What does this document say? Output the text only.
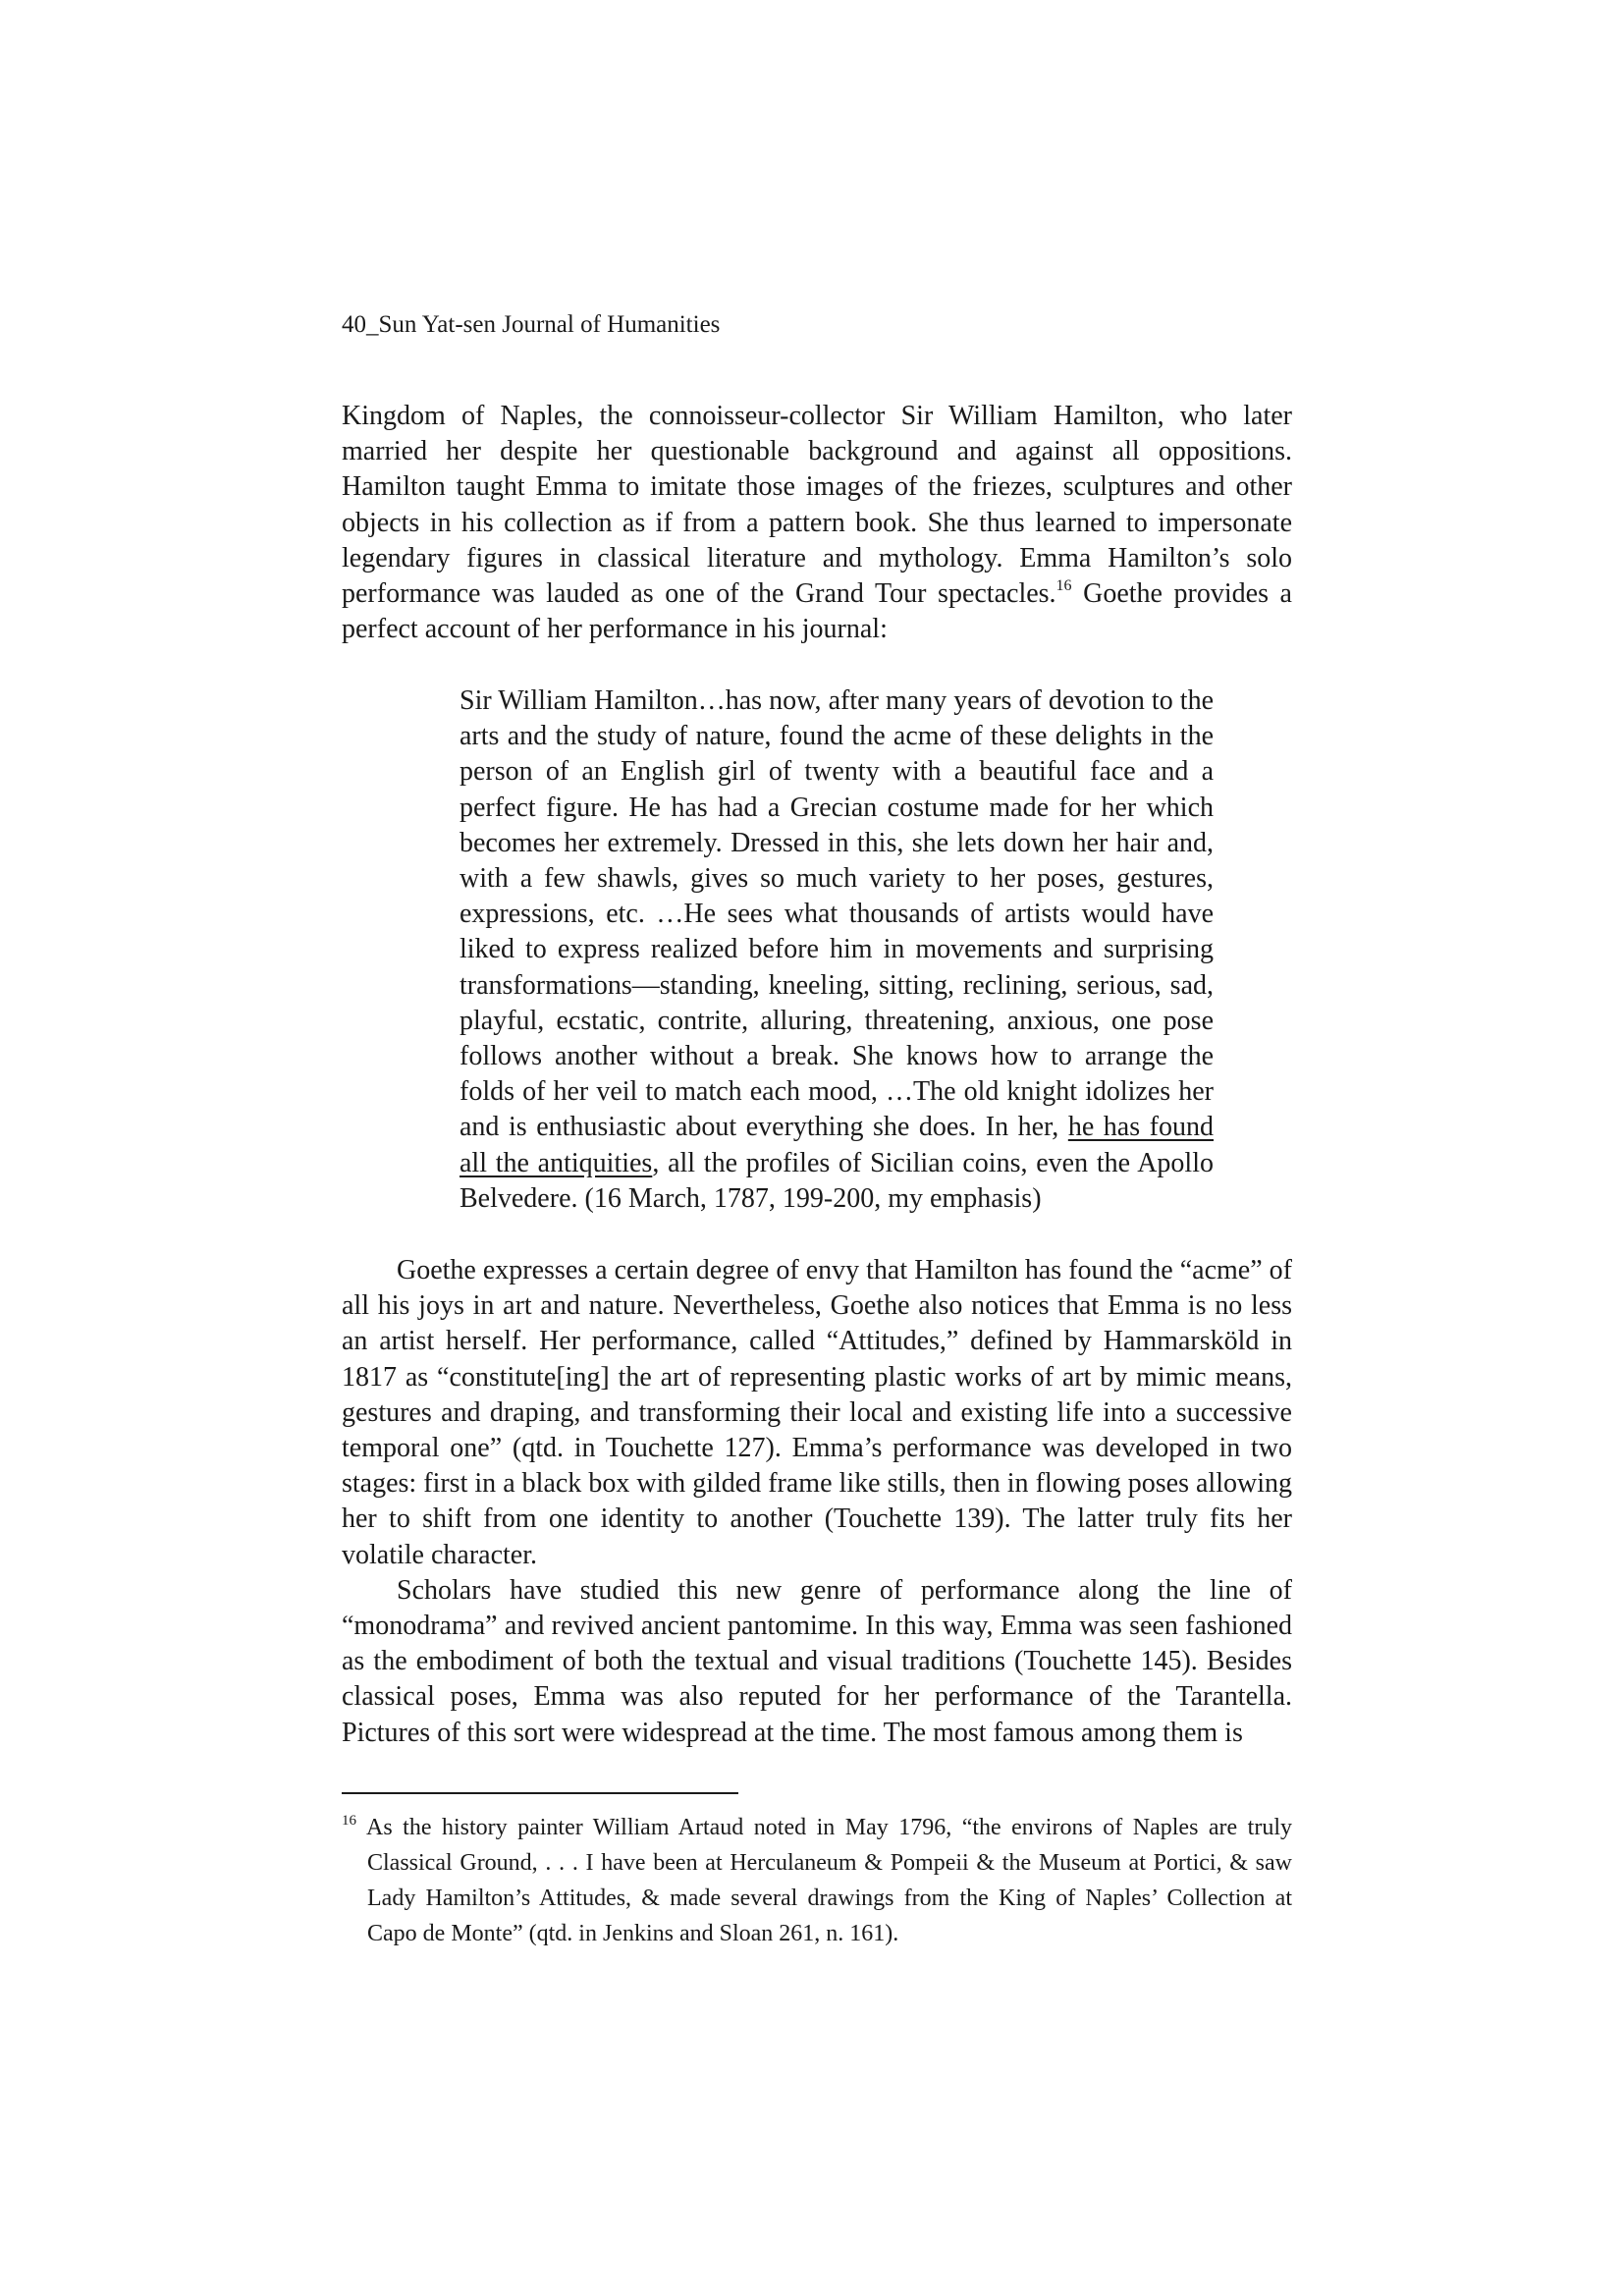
40_Sun Yat-sen Journal of Humanities

Kingdom of Naples, the connoisseur-collector Sir William Hamilton, who later married her despite her questionable background and against all oppositions. Hamilton taught Emma to imitate those images of the friezes, sculptures and other objects in his collection as if from a pattern book. She thus learned to impersonate legendary figures in classical literature and mythology. Emma Hamilton’s solo performance was lauded as one of the Grand Tour spectacles.$^{16}$ Goethe provides a perfect account of her performance in his journal:

Sir William Hamilton…has now, after many years of devotion to the arts and the study of nature, found the acme of these delights in the person of an English girl of twenty with a beautiful face and a perfect figure. He has had a Grecian costume made for her which becomes her extremely. Dressed in this, she lets down her hair and, with a few shawls, gives so much variety to her poses, gestures, expressions, etc. …He sees what thousands of artists would have liked to express realized before him in movements and surprising transformations—standing, kneeling, sitting, reclining, serious, sad, playful, ecstatic, contrite, alluring, threatening, anxious, one pose follows another without a break. She knows how to arrange the folds of her veil to match each mood, …The old knight idolizes her and is enthusiastic about everything she does. In her, he has found all the antiquities, all the profiles of Sicilian coins, even the Apollo Belvedere. (16 March, 1787, 199-200, my emphasis)

Goethe expresses a certain degree of envy that Hamilton has found the “acme” of all his joys in art and nature. Nevertheless, Goethe also notices that Emma is no less an artist herself. Her performance, called “Attitudes,” defined by Hammarsköld in 1817 as “constitute[ing] the art of representing plastic works of art by mimic means, gestures and draping, and transforming their local and existing life into a successive temporal one” (qtd. in Touchette 127). Emma’s performance was developed in two stages: first in a black box with gilded frame like stills, then in flowing poses allowing her to shift from one identity to another (Touchette 139). The latter truly fits her volatile character.

Scholars have studied this new genre of performance along the line of “monodrama” and revived ancient pantomime. In this way, Emma was seen fashioned as the embodiment of both the textual and visual traditions (Touchette 145). Besides classical poses, Emma was also reputed for her performance of the Tarantella. Pictures of this sort were widespread at the time. The most famous among them is

$^{16}$ As the history painter William Artaud noted in May 1796, “the environs of Naples are truly Classical Ground, . . . I have been at Herculaneum & Pompeii & the Museum at Portici, & saw Lady Hamilton’s Attitudes, & made several drawings from the King of Naples’ Collection at Capo de Monte” (qtd. in Jenkins and Sloan 261, n. 161).
